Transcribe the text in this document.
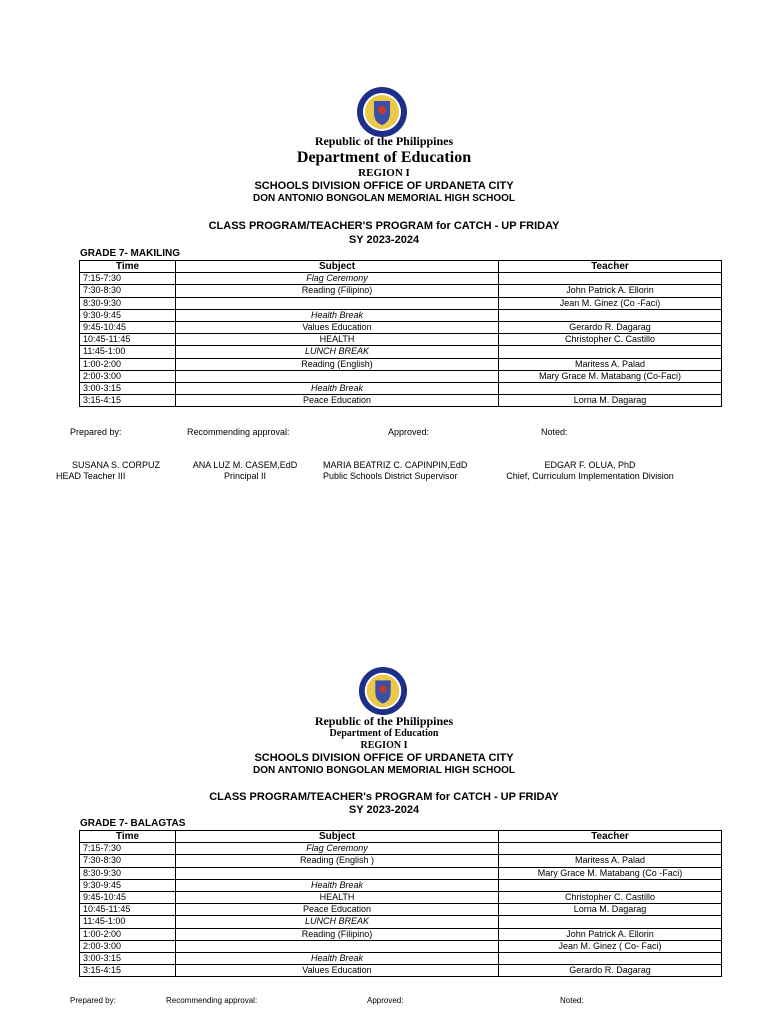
Republic of the Philippines
Department of Education
REGION I
SCHOOLS DIVISION OFFICE OF URDANETA CITY
DON ANTONIO BONGOLAN MEMORIAL HIGH SCHOOL
CLASS PROGRAM/TEACHER'S PROGRAM for CATCH - UP FRIDAY
SY 2023-2024
GRADE 7- MAKILING
Time	Subject	Teacher
7:15-7:30	Flag Ceremony	
7:30-8:30	Reading (Filipino)	John Patrick A. Ellorin
8:30-9:30		Jean M. Ginez (Co -Faci)
9:30-9:45	Health Break	
9:45-10:45	Values Education	Gerardo R. Dagarag
10:45-11:45	HEALTH	Christopher C. Castillo
11:45-1:00	LUNCH BREAK	
1:00-2:00	Reading (English)	Maritess A. Palad
2:00-3:00		Mary Grace M. Matabang (Co-Faci)
3:00-3:15	Health Break	
3:15-4:15	Peace Education	Lorna M. Dagarag
Prepared by:	Recommending approval:	Approved:	Noted:
SUSANA S. CORPUZ
HEAD Teacher III
ANA LUZ M. CASEM,EdD
Principal II
MARIA BEATRIZ C. CAPINPIN,EdD
Public Schools District Supervisor
EDGAR F. OLUA, PhD
Chief, Curriculum Implementation Division
Republic of the Philippines
Department of Education
REGION I
SCHOOLS DIVISION OFFICE OF URDANETA CITY
DON ANTONIO BONGOLAN MEMORIAL HIGH SCHOOL
CLASS PROGRAM/TEACHER's PROGRAM for CATCH - UP FRIDAY
SY 2023-2024
GRADE 7- BALAGTAS
Time	Subject	Teacher
7:15-7:30	Flag Ceremony	
7:30-8:30	Reading (English )	Maritess A. Palad
8:30-9:30		Mary Grace M. Matabang (Co -Faci)
9:30-9:45	Health Break	
9:45-10:45	HEALTH	Christopher C. Castillo
10:45-11:45	Peace Education	Lorna M. Dagarag
11:45-1:00	LUNCH BREAK	
1:00-2:00	Reading (Filipino)	John Patrick A. Ellorin
2:00-3:00		Jean M. Ginez ( Co- Faci)
3:00-3:15	Health Break	
3:15-4:15	Values Education	Gerardo R. Dagarag
Prepared by:	Recommending approval:	Approved:	Noted:
